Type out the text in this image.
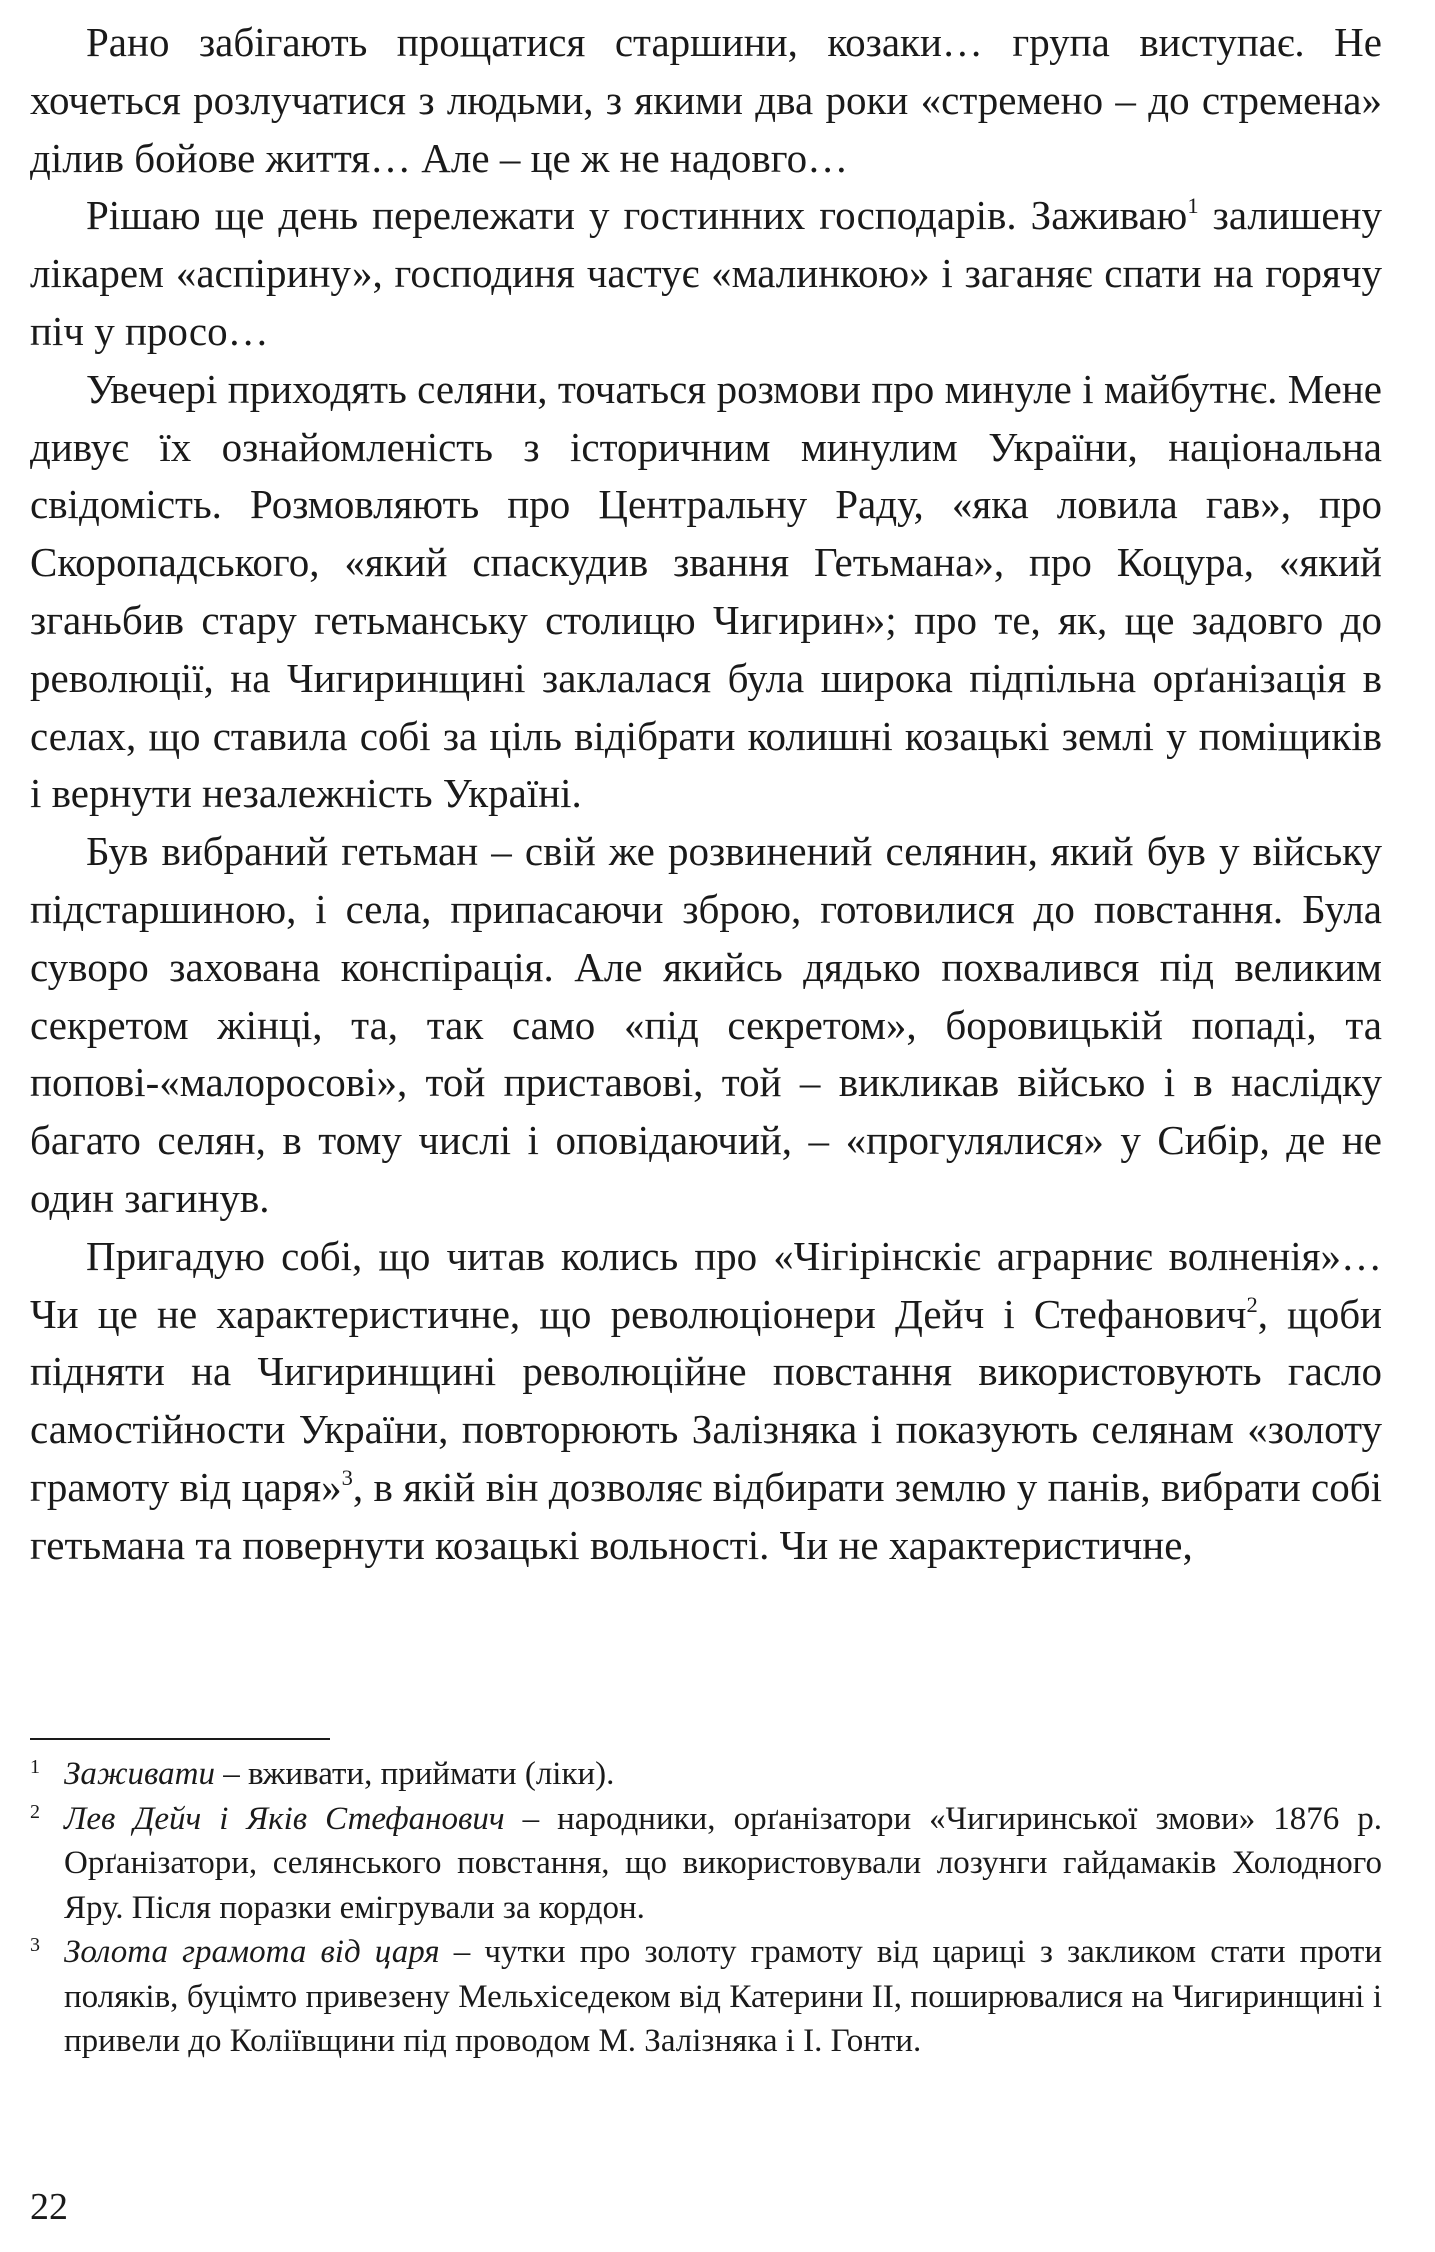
Рано забігають прощатися старшини, козаки… група виступає. Не хочеться розлучатися з людьми, з якими два роки «стремено – до стремена» ділив бойове життя… Але – це ж не надовго…

Рішаю ще день перележати у гостинних господарів. Заживаю$^1$ залишену лікарем «аспірину», господиня частує «малинкою» і заганяє спати на горячу піч у просо…

Увечері приходять селяни, точаться розмови про минуле і майбутнє. Мене дивує їх ознайомленість з історичним минулим України, національна свідомість. Розмовляють про Центральну Раду, «яка ловила гав», про Скоропадського, «який спаскудив звання Гетьмана», про Коцура, «який зганьбив стару гетьманську столицю Чигирин»; про те, як, ще задовго до революції, на Чигиринщині заклалася була широка підпільна орґанізація в селах, що ставила собі за ціль відібрати колишні козацькі землі у поміщиків і вернути незалежність Україні.

Був вибраний гетьман – свій же розвинений селянин, який був у війську підстаршиною, і села, припасаючи зброю, готовилися до повстання. Була суворо захована конспірація. Але якийсь дядько похвалився під великим секретом жінці, та, так само «під секретом», боровицькій попаді, та попові-«малоросові», той приставові, той – викликав військо і в наслідку багато селян, в тому числі і оповідаючий, – «прогулялися» у Сибір, де не один загинув.

Пригадую собі, що читав колись про «Чігірінскіє аграрниє волненія»… Чи це не характеристичне, що революціонери Дейч і Стефанович$^2$, щоби підняти на Чигиринщині революційне повстання використовують гасло самостійности України, повторюють Залізняка і показують селянам «золоту грамоту від царя»$^3$, в якій він дозволяє відбирати землю у панів, вибрати собі гетьмана та повернути козацькі вольності. Чи не характеристичне,

1 Заживати – вживати, приймати (ліки).

2 Лев Дейч і Яків Стефанович – народники, орґанізатори «Чигиринської змови» 1876 р. Орґанізатори, селянського повстання, що використовували лозунги гайдамаків Холодного Яру. Після поразки емігрували за кордон.

3 Золота грамота від царя – чутки про золоту грамоту від цариці з закликом стати проти поляків, буцімто привезену Мельхіседеком від Катерини ІІ, поширювалися на Чигиринщині і привели до Коліївщини під проводом М. Залізняка і І. Гонти.

22
